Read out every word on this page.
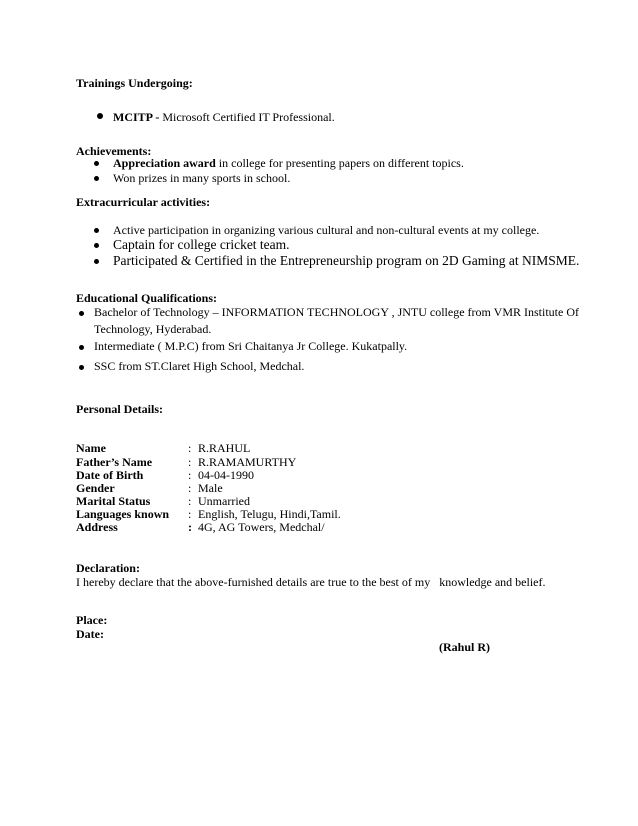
Trainings Undergoing:
MCITP - Microsoft Certified IT Professional.
Achievements:
Appreciation award in college for presenting papers on different topics.
Won prizes in many sports in school.
Extracurricular activities:
Active participation in organizing various cultural and non-cultural events at my college.
Captain for college cricket team.
Participated & Certified in the Entrepreneurship program on 2D Gaming at NIMSME.
Educational Qualifications:
Bachelor of Technology – INFORMATION TECHNOLOGY , JNTU college from VMR Institute Of
Technology, Hyderabad.
Intermediate ( M.P.C) from Sri Chaitanya Jr College. Kukatpally.
SSC from ST.Claret High School, Medchal.
Personal Details:
Name	: R.RAHUL
Father’s Name	: R.RAMAMURTHY
Date of Birth	: 04-04-1990
Gender	: Male
Marital Status	: Unmarried
Languages known : English, Telugu, Hindi,Tamil.
Address	: 4G, AG Towers, Medchal/
Declaration:
I hereby declare that the above-furnished details are true to the best of my   knowledge and belief.
Place:
Date:
(Rahul R)
